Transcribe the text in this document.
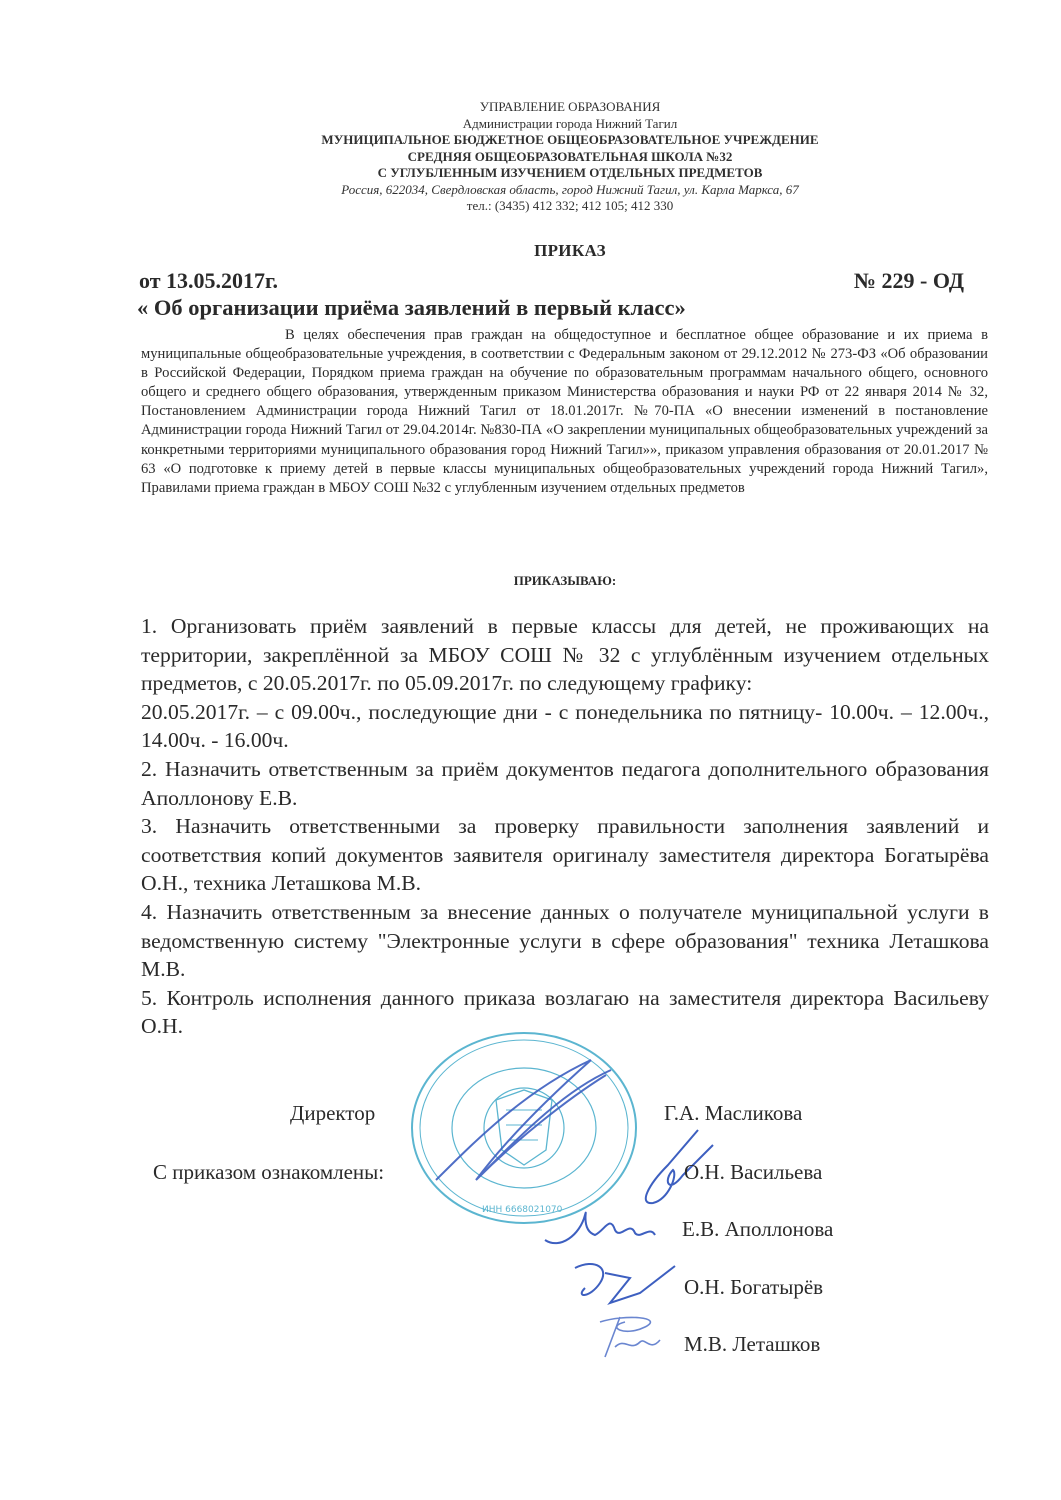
УПРАВЛЕНИЕ ОБРАЗОВАНИЯ
Администрации города Нижний Тагил
МУНИЦИПАЛЬНОЕ БЮДЖЕТНОЕ ОБЩЕОБРАЗОВАТЕЛЬНОЕ УЧРЕЖДЕНИЕ
СРЕДНЯЯ ОБЩЕОБРАЗОВАТЕЛЬНАЯ ШКОЛА №32
С УГЛУБЛЕННЫМ ИЗУЧЕНИЕМ ОТДЕЛЬНЫХ ПРЕДМЕТОВ
Россия, 622034, Свердловская область, город Нижний Тагил, ул. Карла Маркса, 67
тел.: (3435) 412 332; 412 105; 412 330
ПРИКАЗ
от 13.05.2017г.	№ 229 - ОД
« Об организации приёма заявлений в первый класс»
В целях обеспечения прав граждан на общедоступное и бесплатное общее образование и их приема в муниципальные общеобразовательные учреждения, в соответствии с Федеральным законом от 29.12.2012 № 273-ФЗ «Об образовании в Российской Федерации, Порядком приема граждан на обучение по образовательным программам начального общего, основного общего и среднего общего образования, утвержденным приказом Министерства образования и науки РФ от 22 января 2014 № 32, Постановлением Администрации города Нижний Тагил от 18.01.2017г. №70-ПА «О внесении изменений в постановление Администрации города Нижний Тагил от 29.04.2014г. №830-ПА «О закреплении муниципальных общеобразовательных учреждений за конкретными территориями муниципального образования город Нижний Тагил»», приказом управления образования от 20.01.2017 № 63 «О подготовке к приему детей в первые классы муниципальных общеобразовательных учреждений города Нижний Тагил», Правилами приема граждан в МБОУ СОШ №32 с углубленным изучением отдельных предметов
ПРИКАЗЫВАЮ:

1. Организовать приём заявлений в первые классы для детей, не проживающих на территории, закреплённой за МБОУ СОШ № 32 с углублённым изучением отдельных предметов, с 20.05.2017г. по 05.09.2017г. по следующему графику:

20.05.2017г. – с 09.00ч., последующие дни - с понедельника по пятницу- 10.00ч. – 12.00ч., 14.00ч. - 16.00ч.

2. Назначить ответственным за приём документов педагога дополнительного образования Аполлонову Е.В.

3. Назначить ответственными за проверку правильности заполнения заявлений и соответствия копий документов заявителя оригиналу заместителя директора Богатырёва О.Н., техника Леташкова М.В.

4. Назначить ответственным за внесение данных о получателе муниципальной услуги в ведомственную систему "Электронные услуги в сфере образования" техника Леташкова М.В.

5. Контроль исполнения данного приказа возлагаю на заместителя директора Васильеву О.Н.

ИНН 6668021070
Директор	Г.А. Масликова
С приказом ознакомлены:	О.Н. Васильева
Е.В. Аполлонова
О.Н. Богатырёв
М.В. Леташков
